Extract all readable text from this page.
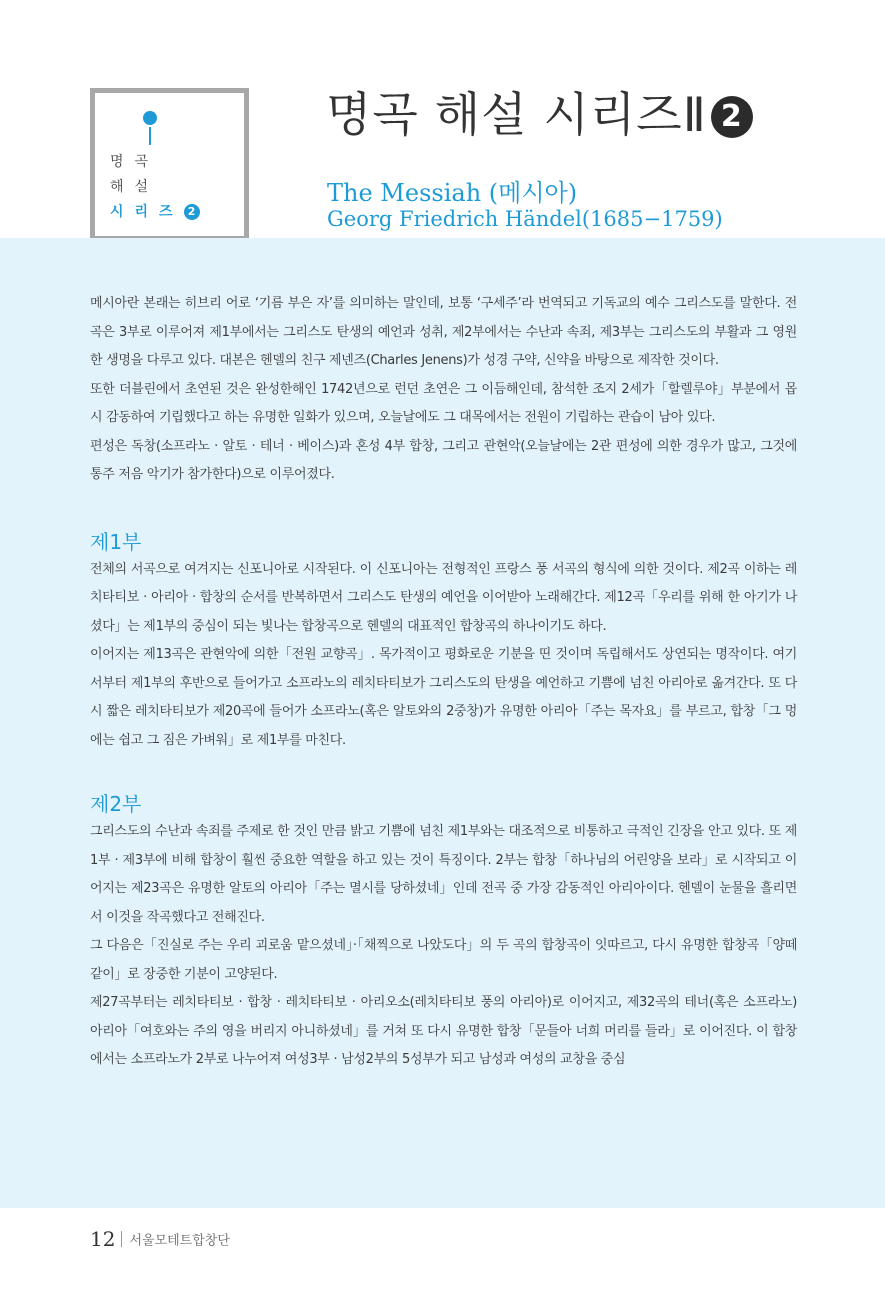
명곡
해설
시리즈 2
명곡 해설 시리즈Ⅱ 2
The Messiah (메시아)
Georg Friedrich Händel(1685−1759)

메시아란 본래는 히브리 어로 ‘기름 부은 자’를 의미하는 말인데, 보통 ‘구세주’라 번역되고 기독교의 예수 그리스도를 말한다. 전곡은 3부로 이루어져 제1부에서는 그리스도 탄생의 예언과 성취, 제2부에서는 수난과 속죄, 제3부는 그리스도의 부활과 그 영원한 생명을 다루고 있다. 대본은 헨델의 친구 제넨즈(Charles Jenens)가 성경 구약, 신약을 바탕으로 제작한 것이다.

또한 더블린에서 초연된 것은 완성한해인 1742년으로 런던 초연은 그 이듬해인데, 참석한 조지 2세가「할렐루야」부분에서 몹시 감동하여 기립했다고 하는 유명한 일화가 있으며, 오늘날에도 그 대목에서는 전원이 기립하는 관습이 남아 있다.

편성은 독창(소프라노 · 알토 · 테너 · 베이스)과 혼성 4부 합창, 그리고 관현악(오늘날에는 2관 편성에 의한 경우가 많고, 그것에 통주 저음 악기가 참가한다)으로 이루어졌다.

제1부

전체의 서곡으로 여겨지는 신포니아로 시작된다. 이 신포니아는 전형적인 프랑스 풍 서곡의 형식에 의한 것이다. 제2곡 이하는 레치타티보 · 아리아 · 합창의 순서를 반복하면서 그리스도 탄생의 예언을 이어받아 노래해간다. 제12곡「우리를 위해 한 아기가 나셨다」는 제1부의 중심이 되는 빛나는 합창곡으로 헨델의 대표적인 합창곡의 하나이기도 하다.

이어지는 제13곡은 관현악에 의한「전원 교향곡」. 목가적이고 평화로운 기분을 띤 것이며 독립해서도 상연되는 명작이다. 여기서부터 제1부의 후반으로 들어가고 소프라노의 레치타티보가 그리스도의 탄생을 예언하고 기쁨에 넘친 아리아로 옮겨간다. 또 다시 짧은 레치타티보가 제20곡에 들어가 소프라노(혹은 알토와의 2중창)가 유명한 아리아「주는 목자요」를 부르고, 합창「그 멍에는 쉽고 그 짐은 가벼워」로 제1부를 마친다.

제2부

그리스도의 수난과 속죄를 주제로 한 것인 만큼 밝고 기쁨에 넘친 제1부와는 대조적으로 비통하고 극적인 긴장을 안고 있다. 또 제1부 · 제3부에 비해 합창이 훨씬 중요한 역할을 하고 있는 것이 특징이다. 2부는 합창「하나님의 어린양을 보라」로 시작되고 이어지는 제23곡은 유명한 알토의 아리아「주는 멸시를 당하셨네」인데 전곡 중 가장 감동적인 아리아이다. 헨델이 눈물을 흘리면서 이것을 작곡했다고 전해진다.

그 다음은「진실로 주는 우리 괴로움 맡으셨네」·「채찍으로 나았도다」의 두 곡의 합창곡이 잇따르고, 다시 유명한 합창곡「양떼 같이」로 장중한 기분이 고양된다.

제27곡부터는 레치타티보 · 합창 · 레치타티보 · 아리오소(레치타티보 풍의 아리아)로 이어지고, 제32곡의 테너(혹은 소프라노) 아리아「여호와는 주의 영을 버리지 아니하셨네」를 거쳐 또 다시 유명한 합창「문들아 너희 머리를 들라」로 이어진다. 이 합창에서는 소프라노가 2부로 나누어져 여성3부 · 남성2부의 5성부가 되고 남성과 여성의 교창을 중심

12 서울모테트합창단
